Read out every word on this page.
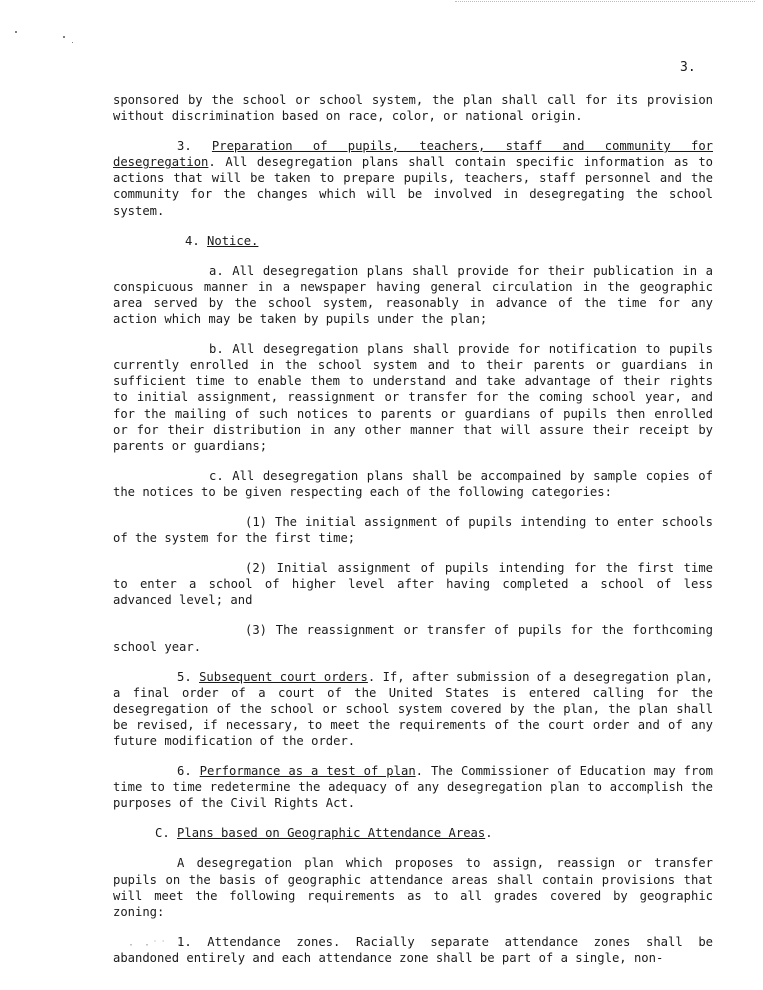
3.

sponsored by the school or school system, the plan shall call for its provision without discrimination based on race, color, or national origin.

3. Preparation of pupils, teachers, staff and community for desegregation. All desegregation plans shall contain specific information as to actions that will be taken to prepare pupils, teachers, staff personnel and the community for the changes which will be involved in desegregating the school system.

4. Notice.

a. All desegregation plans shall provide for their publication in a conspicuous manner in a newspaper having general circulation in the geographic area served by the school system, reasonably in advance of the time for any action which may be taken by pupils under the plan;

b. All desegregation plans shall provide for notification to pupils currently enrolled in the school system and to their parents or guardians in sufficient time to enable them to understand and take advantage of their rights to initial assignment, reassignment or transfer for the coming school year, and for the mailing of such notices to parents or guardians of pupils then enrolled or for their distribution in any other manner that will assure their receipt by parents or guardians;

c. All desegregation plans shall be accompained by sample copies of the notices to be given respecting each of the following categories:

(1) The initial assignment of pupils intending to enter schools of the system for the first time;

(2) Initial assignment of pupils intending for the first time to enter a school of higher level after having completed a school of less advanced level; and

(3) The reassignment or transfer of pupils for the forthcoming school year.

5. Subsequent court orders. If, after submission of a desegregation plan, a final order of a court of the United States is entered calling for the desegregation of the school or school system covered by the plan, the plan shall be revised, if necessary, to meet the requirements of the court order and of any future modification of the order.

6. Performance as a test of plan. The Commissioner of Education may from time to time redetermine the adequacy of any desegregation plan to accomplish the purposes of the Civil Rights Act.

C. Plans based on Geographic Attendance Areas.

A desegregation plan which proposes to assign, reassign or transfer pupils on the basis of geographic attendance areas shall contain provisions that will meet the following requirements as to all grades covered by geographic zoning:

1. Attendance zones. Racially separate attendance zones shall be abandoned entirely and each attendance zone shall be part of a single, non-

· ·˙˙ ·
